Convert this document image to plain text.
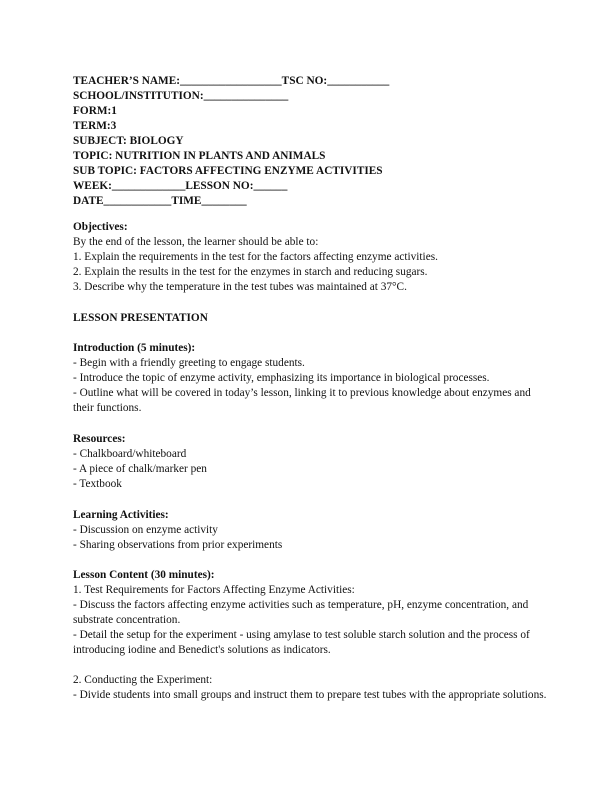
TEACHER’S NAME:__________________TSC NO:___________
SCHOOL/INSTITUTION:_______________
FORM:1
TERM:3
SUBJECT: BIOLOGY
TOPIC: NUTRITION IN PLANTS AND ANIMALS
SUB TOPIC: FACTORS AFFECTING ENZYME ACTIVITIES
WEEK:_____________LESSON NO:______
DATE____________TIME________
Objectives:
By the end of the lesson, the learner should be able to:
1. Explain the requirements in the test for the factors affecting enzyme activities.
2. Explain the results in the test for the enzymes in starch and reducing sugars.
3. Describe why the temperature in the test tubes was maintained at 37°C.
LESSON PRESENTATION
Introduction (5 minutes):
- Begin with a friendly greeting to engage students.
- Introduce the topic of enzyme activity, emphasizing its importance in biological processes.
- Outline what will be covered in today’s lesson, linking it to previous knowledge about enzymes and their functions.
Resources:
- Chalkboard/whiteboard
- A piece of chalk/marker pen
- Textbook
Learning Activities:
- Discussion on enzyme activity
- Sharing observations from prior experiments
Lesson Content (30 minutes):
1. Test Requirements for Factors Affecting Enzyme Activities:
- Discuss the factors affecting enzyme activities such as temperature, pH, enzyme concentration, and substrate concentration.
- Detail the setup for the experiment - using amylase to test soluble starch solution and the process of introducing iodine and Benedict's solutions as indicators.
2. Conducting the Experiment:
- Divide students into small groups and instruct them to prepare test tubes with the appropriate solutions.
